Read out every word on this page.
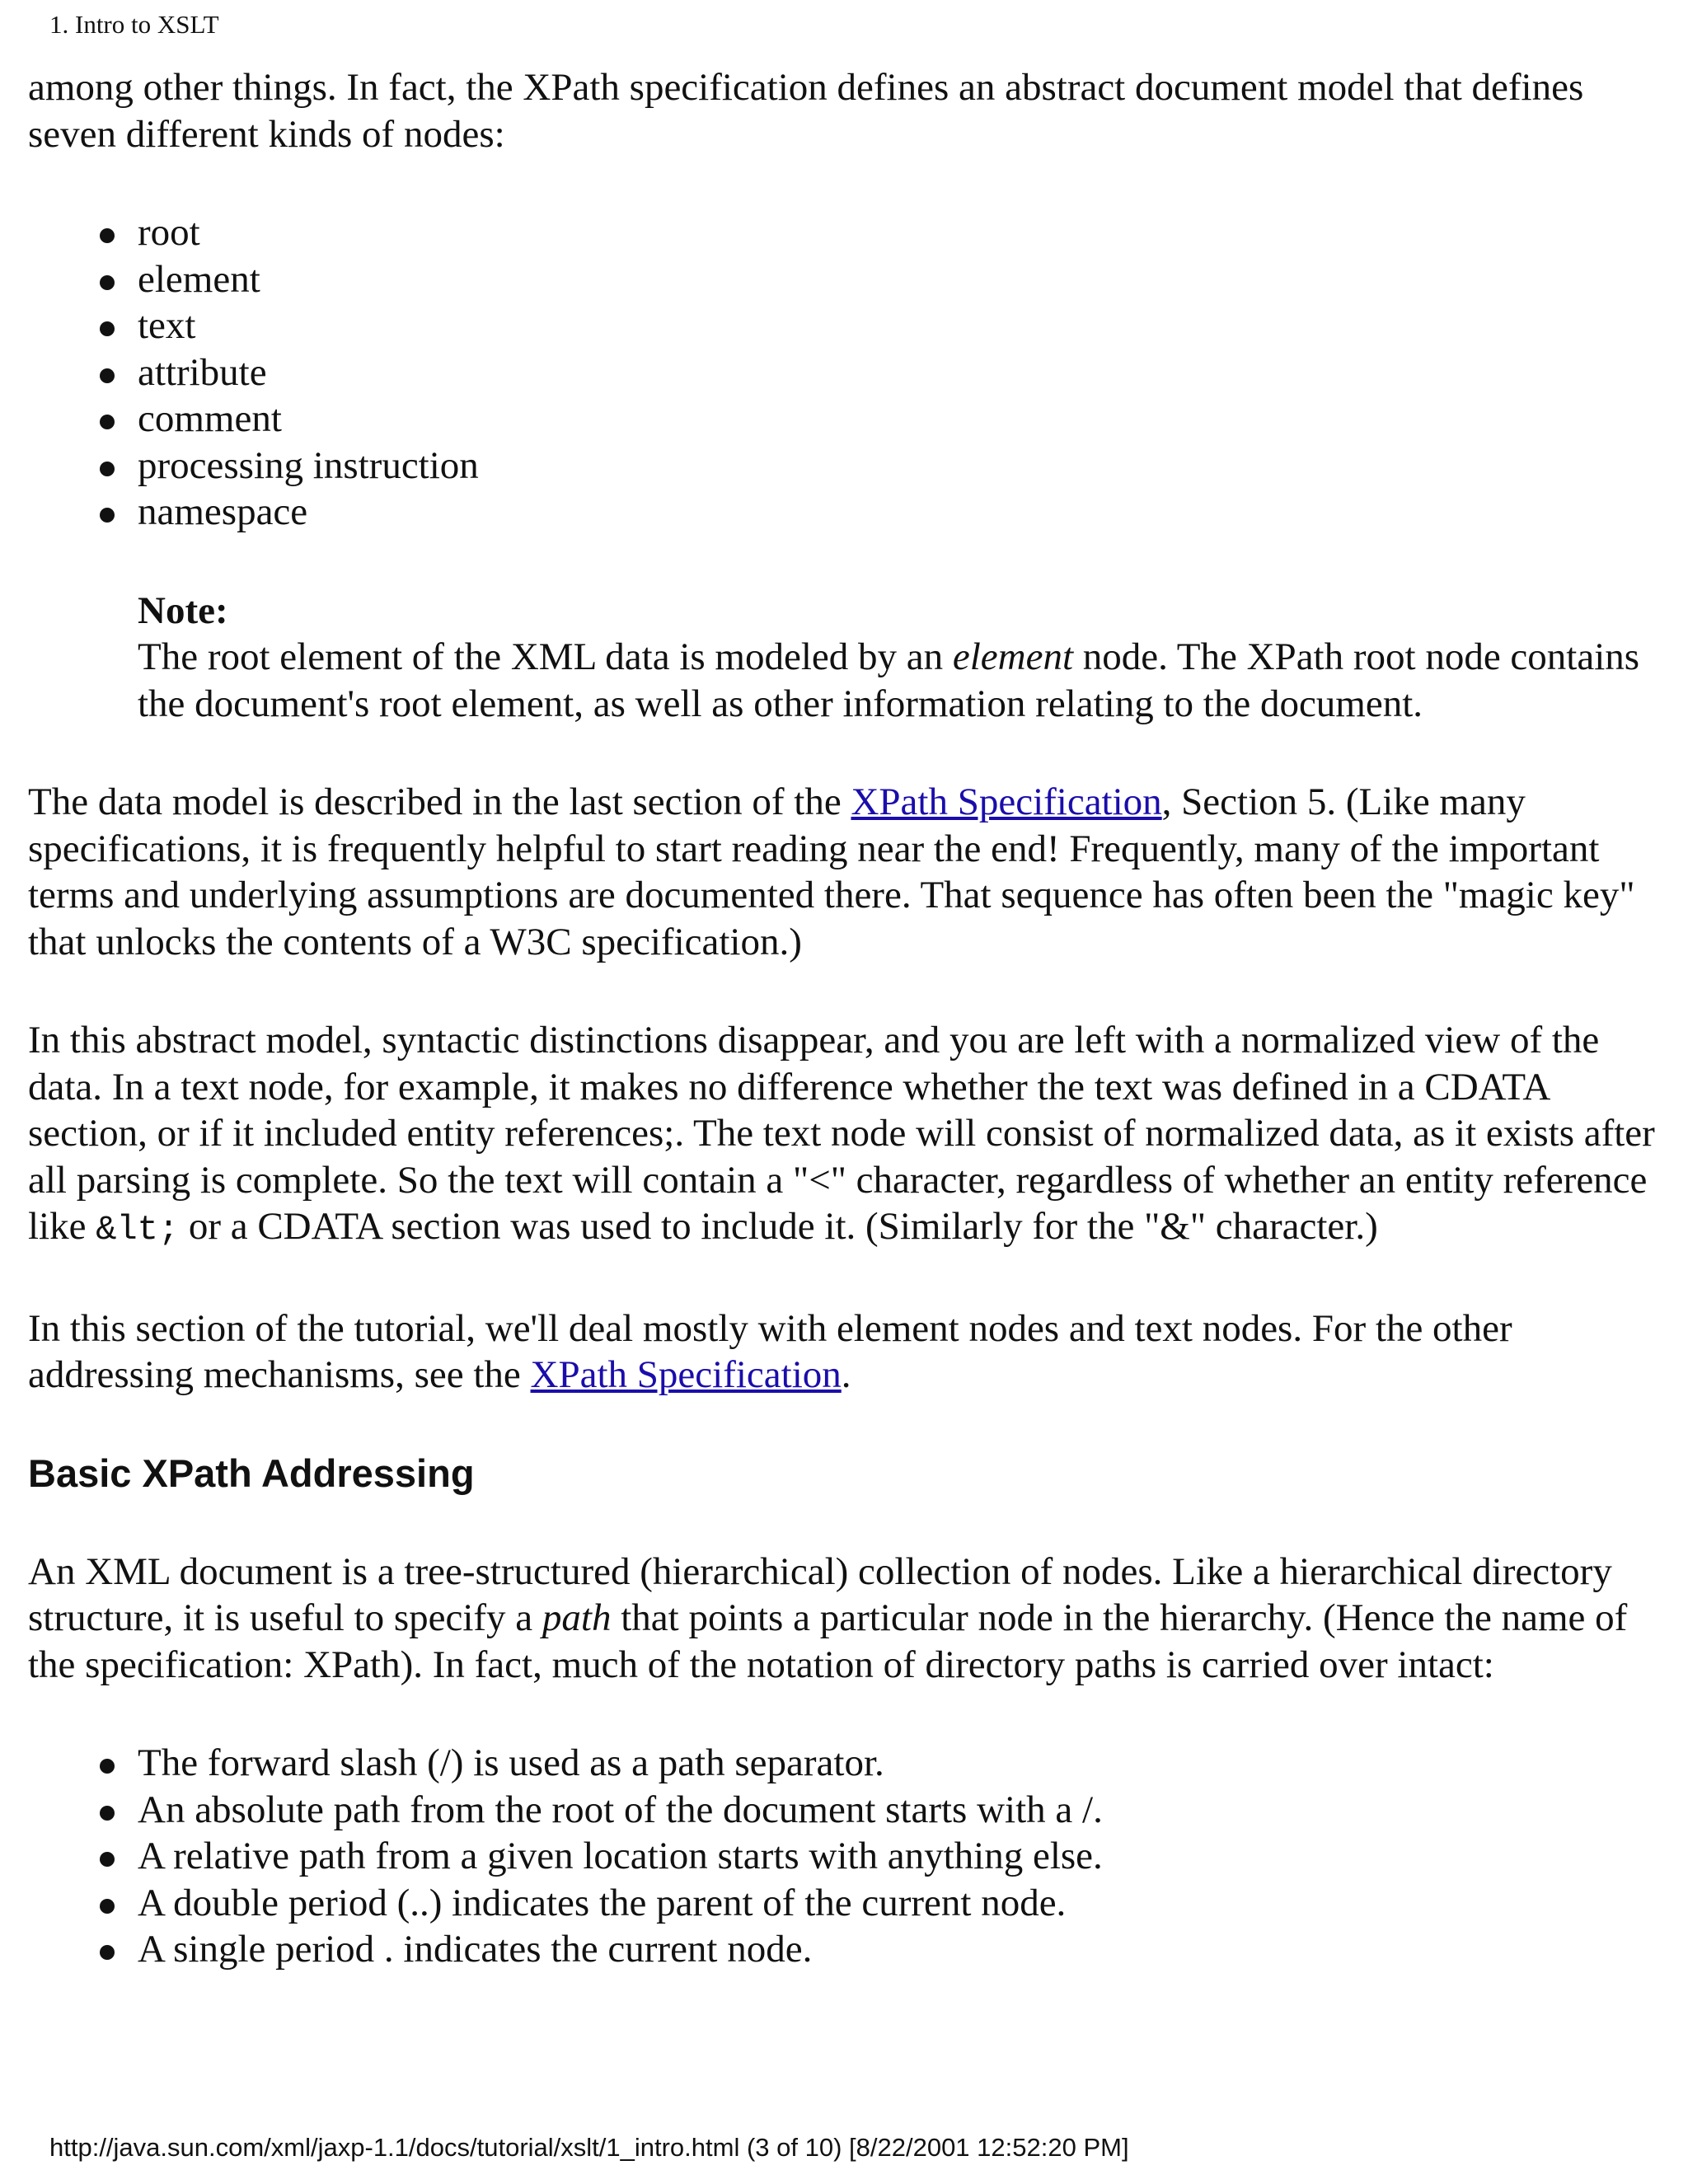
1. Intro to XSLT

among other things. In fact, the XPath specification defines an abstract document model that defines seven different kinds of nodes:

root
element
text
attribute
comment
processing instruction
namespace
Note:
The root element of the XML data is modeled by an element node. The XPath root node contains the document's root element, as well as other information relating to the document.

The data model is described in the last section of the XPath Specification, Section 5. (Like many specifications, it is frequently helpful to start reading near the end! Frequently, many of the important terms and underlying assumptions are documented there. That sequence has often been the "magic key" that unlocks the contents of a W3C specification.)

In this abstract model, syntactic distinctions disappear, and you are left with a normalized view of the data. In a text node, for example, it makes no difference whether the text was defined in a CDATA section, or if it included entity references;. The text node will consist of normalized data, as it exists after all parsing is complete. So the text will contain a "<" character, regardless of whether an entity reference like &lt; or a CDATA section was used to include it. (Similarly for the "&" character.)

In this section of the tutorial, we'll deal mostly with element nodes and text nodes. For the other addressing mechanisms, see the XPath Specification.

Basic XPath Addressing

An XML document is a tree-structured (hierarchical) collection of nodes. Like a hierarchical directory structure, it is useful to specify a path that points a particular node in the hierarchy. (Hence the name of the specification: XPath). In fact, much of the notation of directory paths is carried over intact:

The forward slash (/) is used as a path separator.
An absolute path from the root of the document starts with a /.
A relative path from a given location starts with anything else.
A double period (..) indicates the parent of the current node.
A single period . indicates the current node.
http://java.sun.com/xml/jaxp-1.1/docs/tutorial/xslt/1_intro.html (3 of 10) [8/22/2001 12:52:20 PM]
